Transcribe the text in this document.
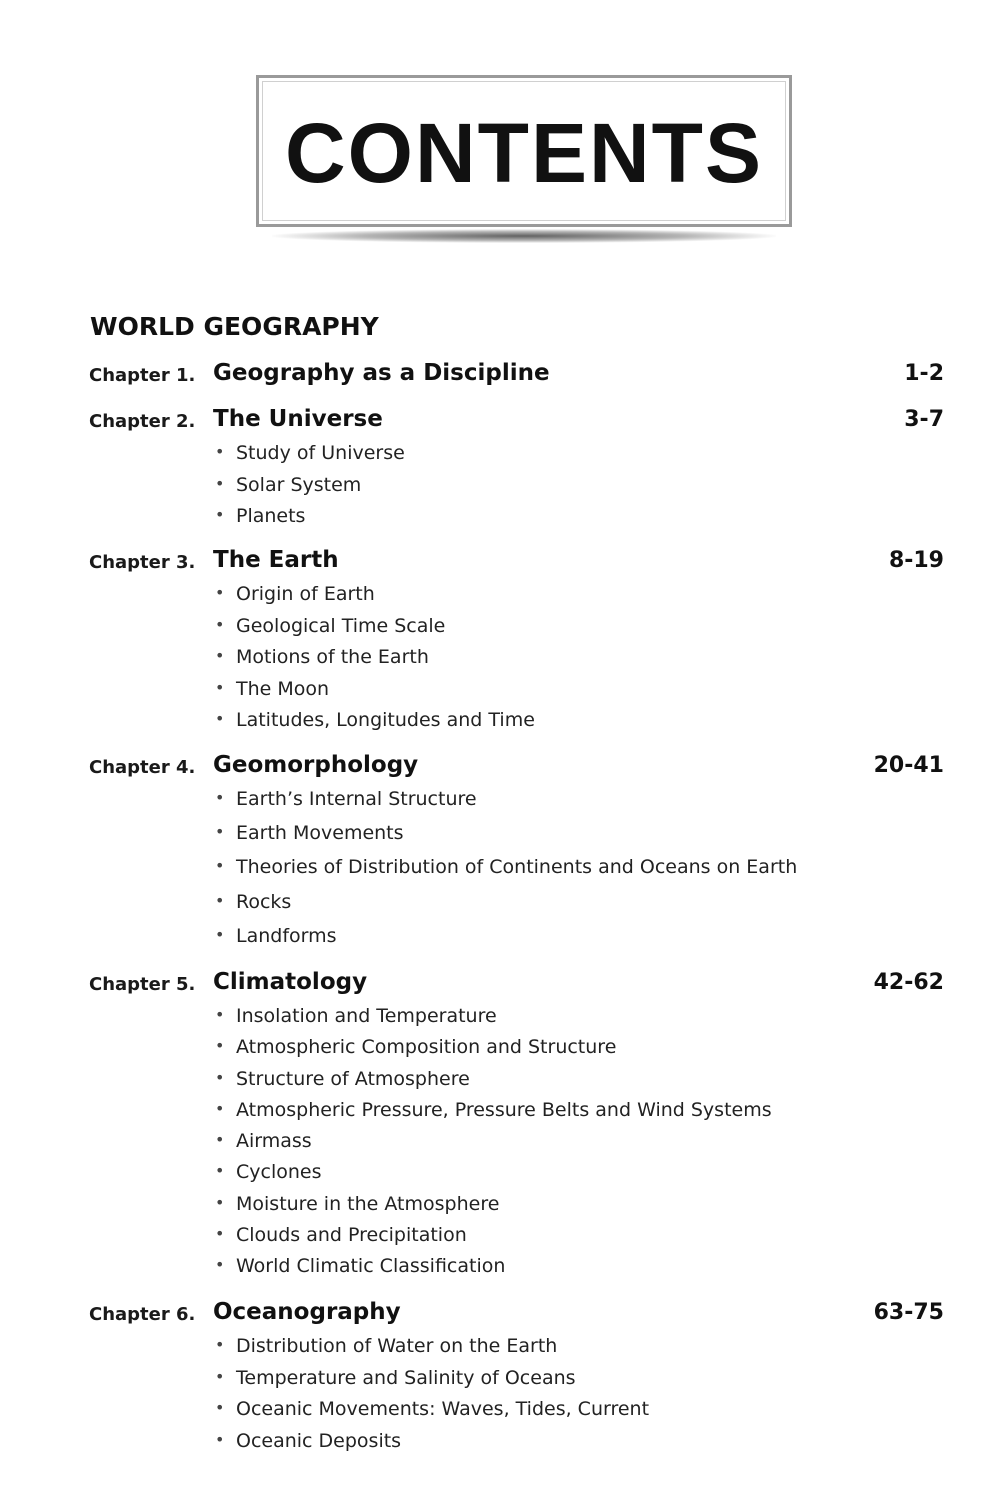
CONTENTS
WORLD GEOGRAPHY
Chapter 1. Geography as a Discipline	1-2
Chapter 2. The Universe	3-7
• Study of Universe
• Solar System
• Planets
Chapter 3. The Earth	8-19
• Origin of Earth
• Geological Time Scale
• Motions of the Earth
• The Moon
• Latitudes, Longitudes and Time
Chapter 4. Geomorphology	20-41
• Earth’s Internal Structure
• Earth Movements
• Theories of Distribution of Continents and Oceans on Earth
• Rocks
• Landforms
Chapter 5. Climatology	42-62
• Insolation and Temperature
• Atmospheric Composition and Structure
• Structure of Atmosphere
• Atmospheric Pressure, Pressure Belts and Wind Systems
• Airmass
• Cyclones
• Moisture in the Atmosphere
• Clouds and Precipitation
• World Climatic Classification
Chapter 6. Oceanography	63-75
• Distribution of Water on the Earth
• Temperature and Salinity of Oceans
• Oceanic Movements: Waves, Tides, Current
• Oceanic Deposits
